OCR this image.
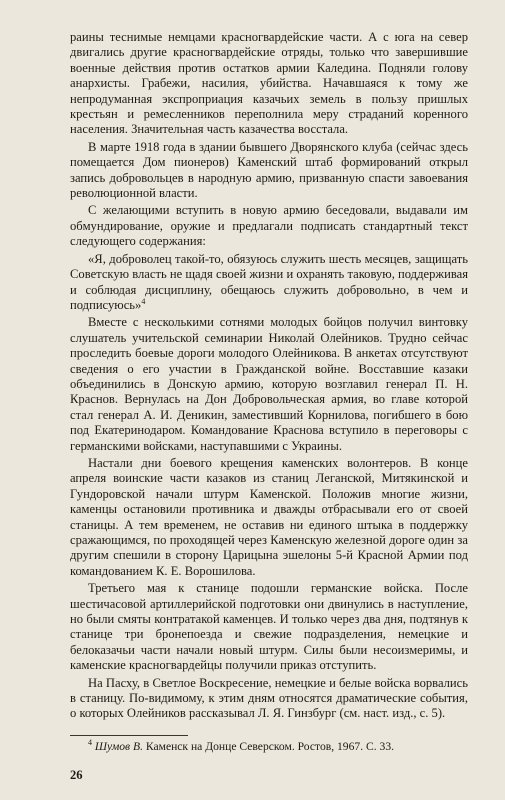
раины теснимые немцами красногвардейские части. А с юга на север двигались другие красногвардейские отряды, только что завершившие военные действия против остатков армии Каледина. Подняли голову анархисты. Грабежи, насилия, убийства. Начавшаяся к тому же непродуманная экспроприация казачьих земель в пользу пришлых крестьян и ремесленников переполнила меру страданий коренного населения. Значительная часть казачества восстала.

В марте 1918 года в здании бывшего Дворянского клуба (сейчас здесь помещается Дом пионеров) Каменский штаб формирований открыл запись добровольцев в народную армию, призванную спасти завоевания революционной власти.

С желающими вступить в новую армию беседовали, выдавали им обмундирование, оружие и предлагали подписать стандартный текст следующего содержания:

«Я, доброволец такой-то, обязуюсь служить шесть месяцев, защищать Советскую власть не щадя своей жизни и охранять таковую, поддерживая и соблюдая дисциплину, обещаюсь служить добровольно, в чем и подписуюсь»$^4$

Вместе с несколькими сотнями молодых бойцов получил винтовку слушатель учительской семинарии Николай Олейников. Трудно сейчас проследить боевые дороги молодого Олейникова. В анкетах отсутствуют сведения о его участии в Гражданской войне. Восставшие казаки объединились в Донскую армию, которую возглавил генерал П. Н. Краснов. Вернулась на Дон Добровольческая армия, во главе которой стал генерал А. И. Деникин, заместивший Корнилова, погибшего в бою под Екатеринодаром. Командование Краснова вступило в переговоры с германскими войсками, наступавшими с Украины.

Настали дни боевого крещения каменских волонтеров. В конце апреля воинские части казаков из станиц Леганской, Митякинской и Гундоровской начали штурм Каменской. Положив многие жизни, каменцы остановили противника и дважды отбрасывали его от своей станицы. А тем временем, не оставив ни единого штыка в поддержку сражающимся, по проходящей через Каменскую железной дороге один за другим спешили в сторону Царицына эшелоны 5-й Красной Армии под командованием К. Е. Ворошилова.

Третьего мая к станице подошли германские войска. После шестичасовой артиллерийской подготовки они двинулись в наступление, но были смяты контратакой каменцев. И только через два дня, подтянув к станице три бронепоезда и свежие подразделения, немецкие и белоказачьи части начали новый штурм. Силы были несоизмеримы, и каменские красногвардейцы получили приказ отступить.

На Пасху, в Светлое Воскресение, немецкие и белые войска ворвались в станицу. По-видимому, к этим дням относятся драматические события, о которых Олейников рассказывал Л. Я. Гинзбург (см. наст. изд., с. 5).

$^4$ Шумов В. Каменск на Донце Северском. Ростов, 1967. С. 33.
26
